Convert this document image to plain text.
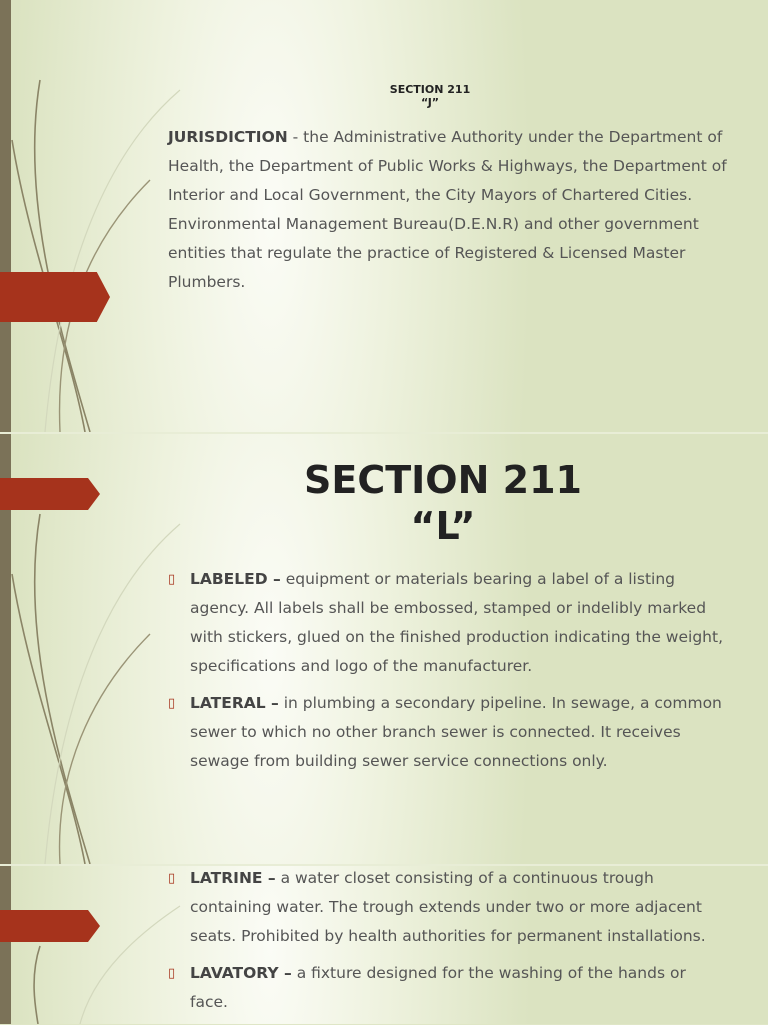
SECTION 211
“J”
JURISDICTION - the Administrative Authority under the Department of Health, the Department of Public Works & Highways, the Department of Interior and Local Government, the City Mayors of Chartered Cities. Environmental Management Bureau(D.E.N.R) and other government entities that regulate the practice of Registered & Licensed Master Plumbers.
SECTION 211
“L”
▯ LABELED – equipment or materials bearing a label of a listing agency. All labels shall be embossed, stamped or indelibly marked with stickers, glued on the finished production indicating the weight, specifications and logo of the manufacturer.
▯ LATERAL – in plumbing a secondary pipeline. In sewage, a common sewer to which no other branch sewer is connected. It receives sewage from building sewer service connections only.
▯ LATRINE – a water closet consisting of a continuous trough containing water. The trough extends under two or more adjacent seats. Prohibited by health authorities for permanent installations.
▯ LAVATORY – a fixture designed for the washing of the hands or face.
